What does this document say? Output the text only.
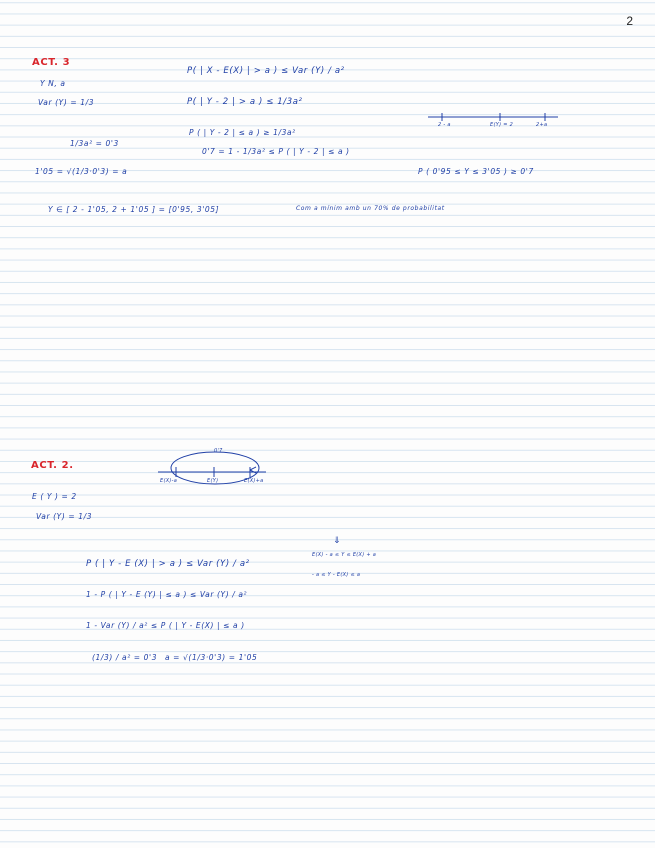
2
ACT. 3
Y N, a
Var (Y) = 1/3
1/3a² = 0'3
1'05 = √(1/3·0'3) = a
P( | X - E(X) | > a ) ≤ Var (Y) / a²
P( | Y - 2 | > a ) ≤ 1/3a²
P ( | Y - 2 | ≤ a ) ≥ 1/3a²
0'7 = 1 - 1/3a² ≤ P ( | Y - 2 | ≤ a )
2 - a	E(Y) = 2	2+a
P ( 0'95 ≤ Y ≤ 3'05 ) ≥ 0'7
Y ∈ [ 2 - 1'05, 2 + 1'05 ] = [0'95, 3'05]	Com a mínim amb un 70% de probabilitat
ACT. 2.
0'7
E(X)-a	E(Y)	E(X)+a
E ( Y ) = 2
Var (Y) = 1/3
P ( | Y - E (X) | > a ) ≤ Var (Y) / a²
1 - P ( | Y - E (Y) | ≤ a ) ≤ Var (Y) / a²
1 - Var (Y) / a² ≤ P ( | Y - E(X) | ≤ a )
(1/3) / a² = 0'3 a = √(1/3·0'3) = 1'05
⇓
E(X) - a ≤ Y ≤ E(X) + a
- a ≤ Y - E(X) ≤ a
